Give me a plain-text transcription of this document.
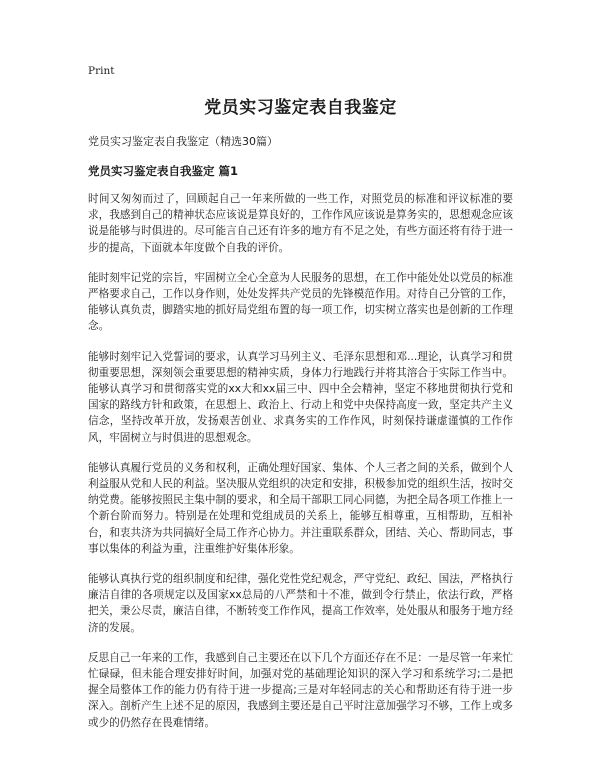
Print

党员实习鉴定表自我鉴定

党员实习鉴定表自我鉴定（精选30篇）

党员实习鉴定表自我鉴定 篇1

时间又匆匆而过了，回顾起自己一年来所做的一些工作，对照党员的标准和评议标准的要求，我感到自己的精神状态应该说是算良好的，工作作风应该说是算务实的，思想观念应该说是能够与时俱进的。尽可能言自己还有许多的地方有不足之处，有些方面还将有待于进一步的提高，下面就本年度做个自我的评价。

能时刻牢记党的宗旨，牢固树立全心全意为人民服务的思想，在工作中能处处以党员的标准严格要求自己，工作以身作则，处处发挥共产党员的先锋模范作用。对待自己分管的工作，能够认真负责，脚踏实地的抓好局党组布置的每一项工作，切实树立落实也是创新的工作理念。

能够时刻牢记入党誓词的要求，认真学习马列主义、毛泽东思想和邓...理论，认真学习和贯彻重要思想，深刻领会重要思想的精神实质，身体力行地践行并将其溶合于实际工作当中。能够认真学习和贯彻落实党的xx大和xx届三中、四中全会精神，坚定不移地贯彻执行党和国家的路线方针和政策，在思想上、政治上、行动上和党中央保持高度一致，坚定共产主义信念，坚持改革开放，发扬艰苦创业、求真务实的工作作风，时刻保持谦虚谨慎的工作作风，牢固树立与时俱进的思想观念。

能够认真履行党员的义务和权利，正确处理好国家、集体、个人三者之间的关系，做到个人利益服从党和人民的利益。坚决服从党组织的决定和安排，积极参加党的组织生活，按时交纳党费。能够按照民主集中制的要求，和全局干部职工同心同德，为把全局各项工作推上一个新台阶而努力。特别是在处理和党组成员的关系上，能够互相尊重，互相帮助，互相补台，和衷共济为共同搞好全局工作齐心协力。并注重联系群众，团结、关心、帮助同志，事事以集体的利益为重，注重维护好集体形象。

能够认真执行党的组织制度和纪律，强化党性党纪观念，严守党纪、政纪、国法，严格执行廉洁自律的各项规定以及国家xx总局的八严禁和十不准，做到令行禁止，依法行政，严格把关，秉公尽责，廉洁自律，不断转变工作作风，提高工作效率，处处服从和服务于地方经济的发展。

反思自己一年来的工作，我感到自己主要还在以下几个方面还存在不足：一是尽管一年来忙忙碌碌，但未能合理安排好时间，加强对党的基础理论知识的深入学习和系统学习;二是把握全局整体工作的能力仍有待于进一步提高;三是对年轻同志的关心和帮助还有待于进一步深入。剖析产生上述不足的原因，我感到主要还是自己平时注意加强学习不够，工作上或多或少的仍然存在畏难情绪。
